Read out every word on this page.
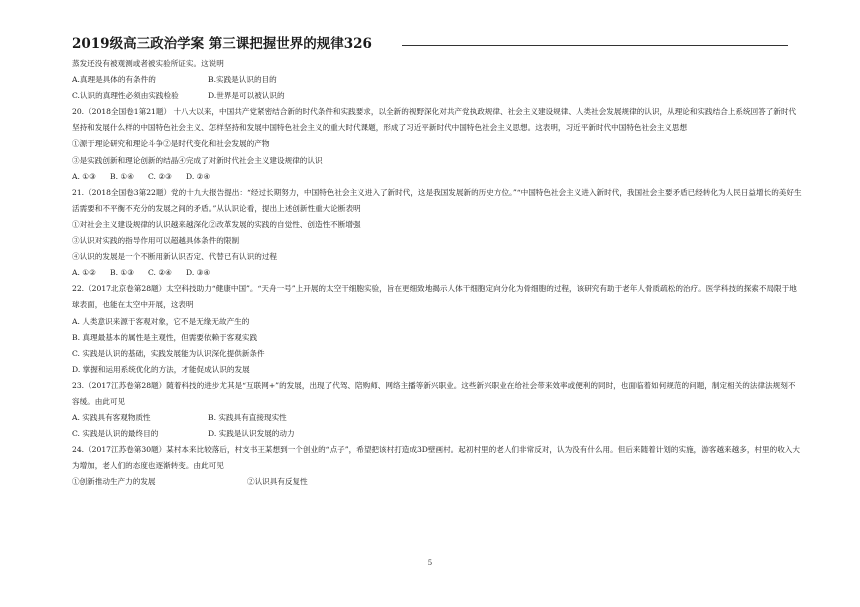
2019级高三政治学案 第三课把握世界的规律326
蒸发还没有被观测或者被实验所证实。这说明
A.真理是具体的有条件的	B.实践是认识的目的
C.认识的真理性必须由实践检验	D.世界是可以被认识的
20.（2018全国卷1第21题） 十八大以来，中国共产党紧密结合新的时代条件和实践要求，以全新的视野深化对共产党执政规律、社会主义建设规律、人类社会发展规律的认识，从理论和实践结合上系统回答了新时代坚持和发展什么样的中国特色社会主义、怎样坚持和发展中国特色社会主义的重大时代课题，形成了习近平新时代中国特色社会主义思想。这表明，习近平新时代中国特色社会主义思想
①源于理论研究和理论斗争②是时代变化和社会发展的产物
③是实践创新和理论创新的结晶④完成了对新时代社会主义建设规律的认识
A. ①③	B. ①④	C. ②③	D. ②④
21.（2018全国卷3第22题）党的十九大报告提出：“经过长期努力，中国特色社会主义进入了新时代，这是我国发展新的历史方位。”“中国特色社会主义进入新时代，我国社会主要矛盾已经转化为人民日益增长的美好生活需要和不平衡不充分的发展之间的矛盾。”从认识论看，提出上述创新性重大论断表明
①对社会主义建设规律的认识越来越深化②改革发展的实践的自觉性、创造性不断增强
③认识对实践的指导作用可以超越具体条件的限制
④认识的发展是一个不断用新认识否定、代替已有认识的过程
A. ①②	B. ①③	C. ②④	D. ③④
22.（2017北京卷第28题）太空科技助力“健康中国”。“天舟一号”上开展的太空干细胞实验，旨在更细致地揭示人体干细胞定向分化为骨细胞的过程，该研究有助于老年人骨质疏松的治疗。医学科技的探索不局限于地球表面，也能在太空中开展，这表明
A. 人类意识来源于客观对象，它不是无缘无故产生的
B. 真理最基本的属性是主观性，但需要依赖于客观实践
C. 实践是认识的基础，实践发展能为认识深化提供新条件
D. 掌握和运用系统优化的方法，才能促成认识的发展
23.（2017江苏卷第28题）随着科技的进步尤其是“互联网+”的发展，出现了代驾、陪购师、网络主播等新兴职业。这些新兴职业在给社会带来效率或便利的同时，也面临着如何规范的问题，制定相关的法律法规刻不容缓。由此可见
A. 实践具有客观物质性	B. 实践具有直接现实性
C. 实践是认识的最终目的	D. 实践是认识发展的动力
24.（2017江苏卷第30题）某村本来比较落后，村支书王某想到一个创业的“点子”，希望把该村打造成3D壁画村。起初村里的老人们非常反对，认为没有什么用。但后来随着计划的实施，游客越来越多，村里的收入大为增加，老人们的态度也逐渐转变。由此可见
①创新推动生产力的发展	②认识具有反复性
5
